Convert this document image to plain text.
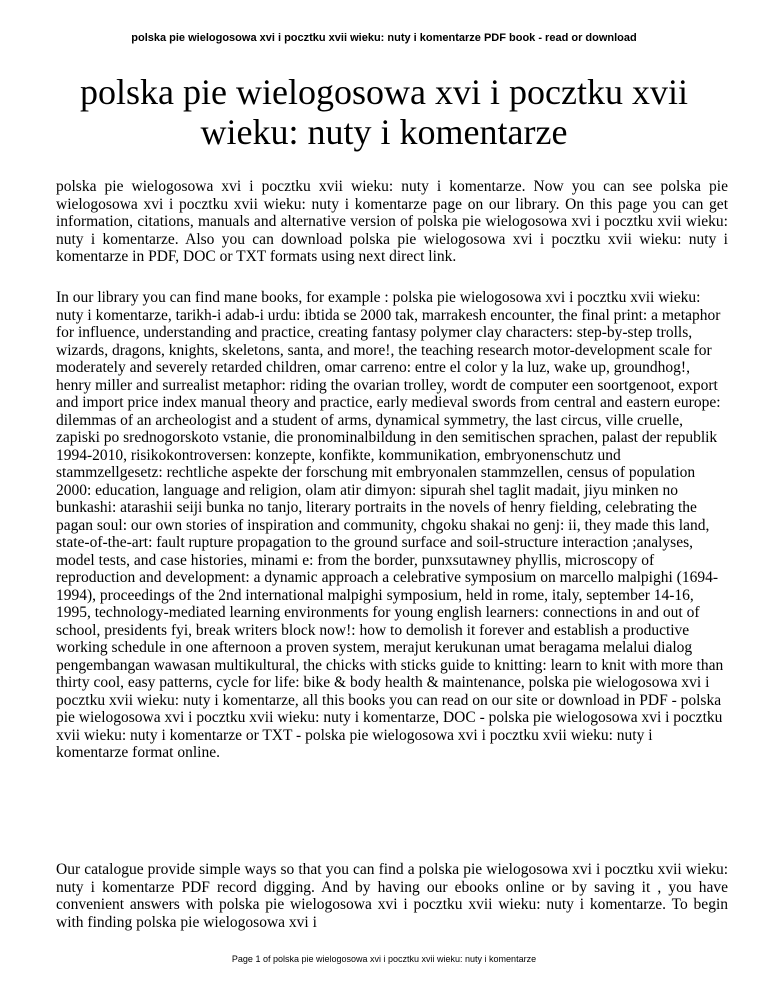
polska pie wielogosowa xvi i pocztku xvii wieku: nuty i komentarze PDF book - read or download
polska pie wielogosowa xvi i pocztku xvii wieku: nuty i komentarze

polska pie wielogosowa xvi i pocztku xvii wieku: nuty i komentarze. Now you can see polska pie wielogosowa xvi i pocztku xvii wieku: nuty i komentarze page on our library. On this page you can get information, citations, manuals and alternative version of polska pie wielogosowa xvi i pocztku xvii wieku: nuty i komentarze. Also you can download polska pie wielogosowa xvi i pocztku xvii wieku: nuty i komentarze in PDF, DOC or TXT formats using next direct link.

In our library you can find mane books, for example : polska pie wielogosowa xvi i pocztku xvii wieku: nuty i komentarze, tarikh-i adab-i urdu: ibtida se 2000 tak, marrakesh encounter, the final print: a metaphor for influence, understanding and practice, creating fantasy polymer clay characters: step-by-step trolls, wizards, dragons, knights, skeletons, santa, and more!, the teaching research motor-development scale for moderately and severely retarded children, omar carreno: entre el color y la luz, wake up, groundhog!, henry miller and surrealist metaphor: riding the ovarian trolley, wordt de computer een soortgenoot, export and import price index manual theory and practice, early medieval swords from central and eastern europe: dilemmas of an archeologist and a student of arms, dynamical symmetry, the last circus, ville cruelle, zapiski po srednogorskoto vstanie, die pronominalbildung in den semitischen sprachen, palast der republik 1994-2010, risikokontroversen: konzepte, konfikte, kommunikation, embryonenschutz und stammzellgesetz: rechtliche aspekte der forschung mit embryonalen stammzellen, census of population 2000: education, language and religion, olam atir dimyon: sipurah shel taglit madait, jiyu minken no bunkashi: atarashii seiji bunka no tanjo, literary portraits in the novels of henry fielding, celebrating the pagan soul: our own stories of inspiration and community, chgoku shakai no genj: ii, they made this land, state-of-the-art: fault rupture propagation to the ground surface and soil-structure interaction ;analyses, model tests, and case histories, minami e: from the border, punxsutawney phyllis, microscopy of reproduction and development: a dynamic approach a celebrative symposium on marcello malpighi (1694-1994), proceedings of the 2nd international malpighi symposium, held in rome, italy, september 14-16, 1995, technology-mediated learning environments for young english learners: connections in and out of school, presidents fyi, break writers block now!: how to demolish it forever and establish a productive working schedule in one afternoon a proven system, merajut kerukunan umat beragama melalui dialog pengembangan wawasan multikultural, the chicks with sticks guide to knitting: learn to knit with more than thirty cool, easy patterns, cycle for life: bike & body health & maintenance, polska pie wielogosowa xvi i pocztku xvii wieku: nuty i komentarze, all this books you can read on our site or download in PDF - polska pie wielogosowa xvi i pocztku xvii wieku: nuty i komentarze, DOC - polska pie wielogosowa xvi i pocztku xvii wieku: nuty i komentarze or TXT - polska pie wielogosowa xvi i pocztku xvii wieku: nuty i komentarze format online.

Our catalogue provide simple ways so that you can find a polska pie wielogosowa xvi i pocztku xvii wieku: nuty i komentarze PDF record digging. And by having our ebooks online or by saving it , you have convenient answers with polska pie wielogosowa xvi i pocztku xvii wieku: nuty i komentarze. To begin with finding polska pie wielogosowa xvi i

Page 1 of polska pie wielogosowa xvi i pocztku xvii wieku: nuty i komentarze
